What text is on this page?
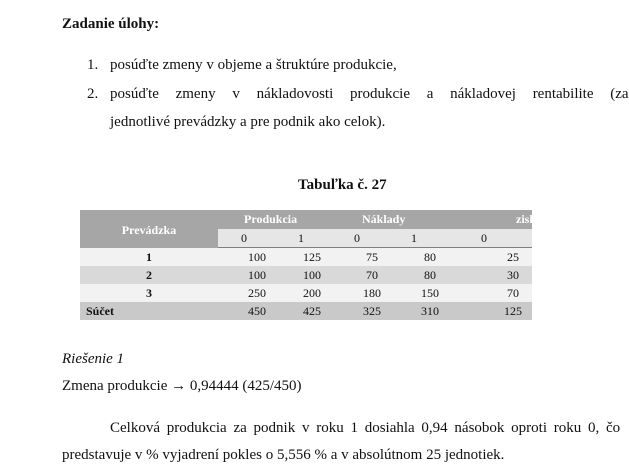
Zadanie úlohy:
1. posúďte zmeny v objeme a štruktúre produkcie,
2. posúďte zmeny v nákladovosti produkcie a nákladovej rentabilite (za
jednotlivé prevádzky a pre podnik ako celok).
Tabuľka č. 27
Prevádzka
Produkcia	Náklady	zisk
0	1	0	1	0
1	100	125	75	80	25
2	100	100	70	80	30
3	250	200	180	150	70
Súčet	450	425	325	310	125
Riešenie 1
Zmena produkcie → 0,94444 (425/450)
Celková produkcia za podnik v roku 1 dosiahla 0,94 násobok oproti roku 0, čo
predstavuje v % vyjadrení pokles o 5,556 % a v absolútnom 25 jednotiek.
